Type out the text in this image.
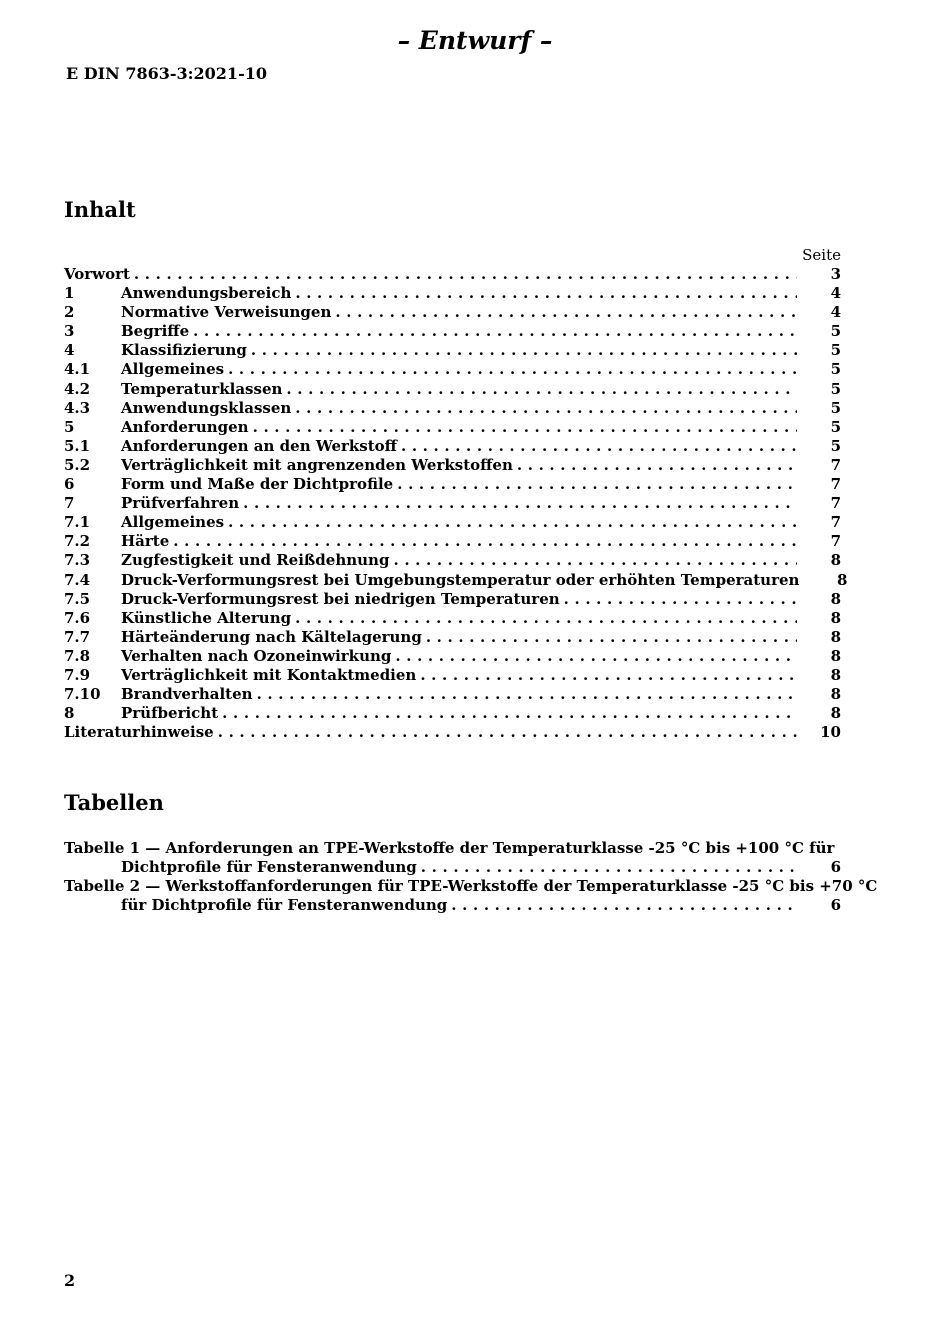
– Entwurf –
E DIN 7863-3:2021-10
Inhalt
Seite
Vorwort . . .	3
1	Anwendungsbereich . . .	4
2	Normative Verweisungen . . .	4
3	Begriffe . . .	5
4	Klassifizierung . . .	5
4.1	Allgemeines . . .	5
4.2	Temperaturklassen . . .	5
4.3	Anwendungsklassen . . .	5
5	Anforderungen . . .	5
5.1	Anforderungen an den Werkstoff . . .	5
5.2	Verträglichkeit mit angrenzenden Werkstoffen . . .	7
6	Form und Maße der Dichtprofile . . .	7
7	Prüfverfahren . . .	7
7.1	Allgemeines . . .	7
7.2	Härte . . .	7
7.3	Zugfestigkeit und Reißdehnung . . .	8
7.4	Druck-Verformungsrest bei Umgebungstemperatur oder erhöhten Temperaturen	8
7.5	Druck-Verformungsrest bei niedrigen Temperaturen . . .	8
7.6	Künstliche Alterung . . .	8
7.7	Härteänderung nach Kältelagerung . . .	8
7.8	Verhalten nach Ozoneinwirkung . . .	8
7.9	Verträglichkeit mit Kontaktmedien . . .	8
7.10	Brandverhalten . . .	8
8	Prüfbericht . . .	8
Literaturhinweise . . .	10
Tabellen
Tabelle 1 — Anforderungen an TPE-Werkstoffe der Temperaturklasse -25 °C bis +100 °C für
Dichtprofile für Fensteranwendung . . .	6
Tabelle 2 — Werkstoffanforderungen für TPE-Werkstoffe der Temperaturklasse -25 °C bis +70 °C
für Dichtprofile für Fensteranwendung . . .	6
2
